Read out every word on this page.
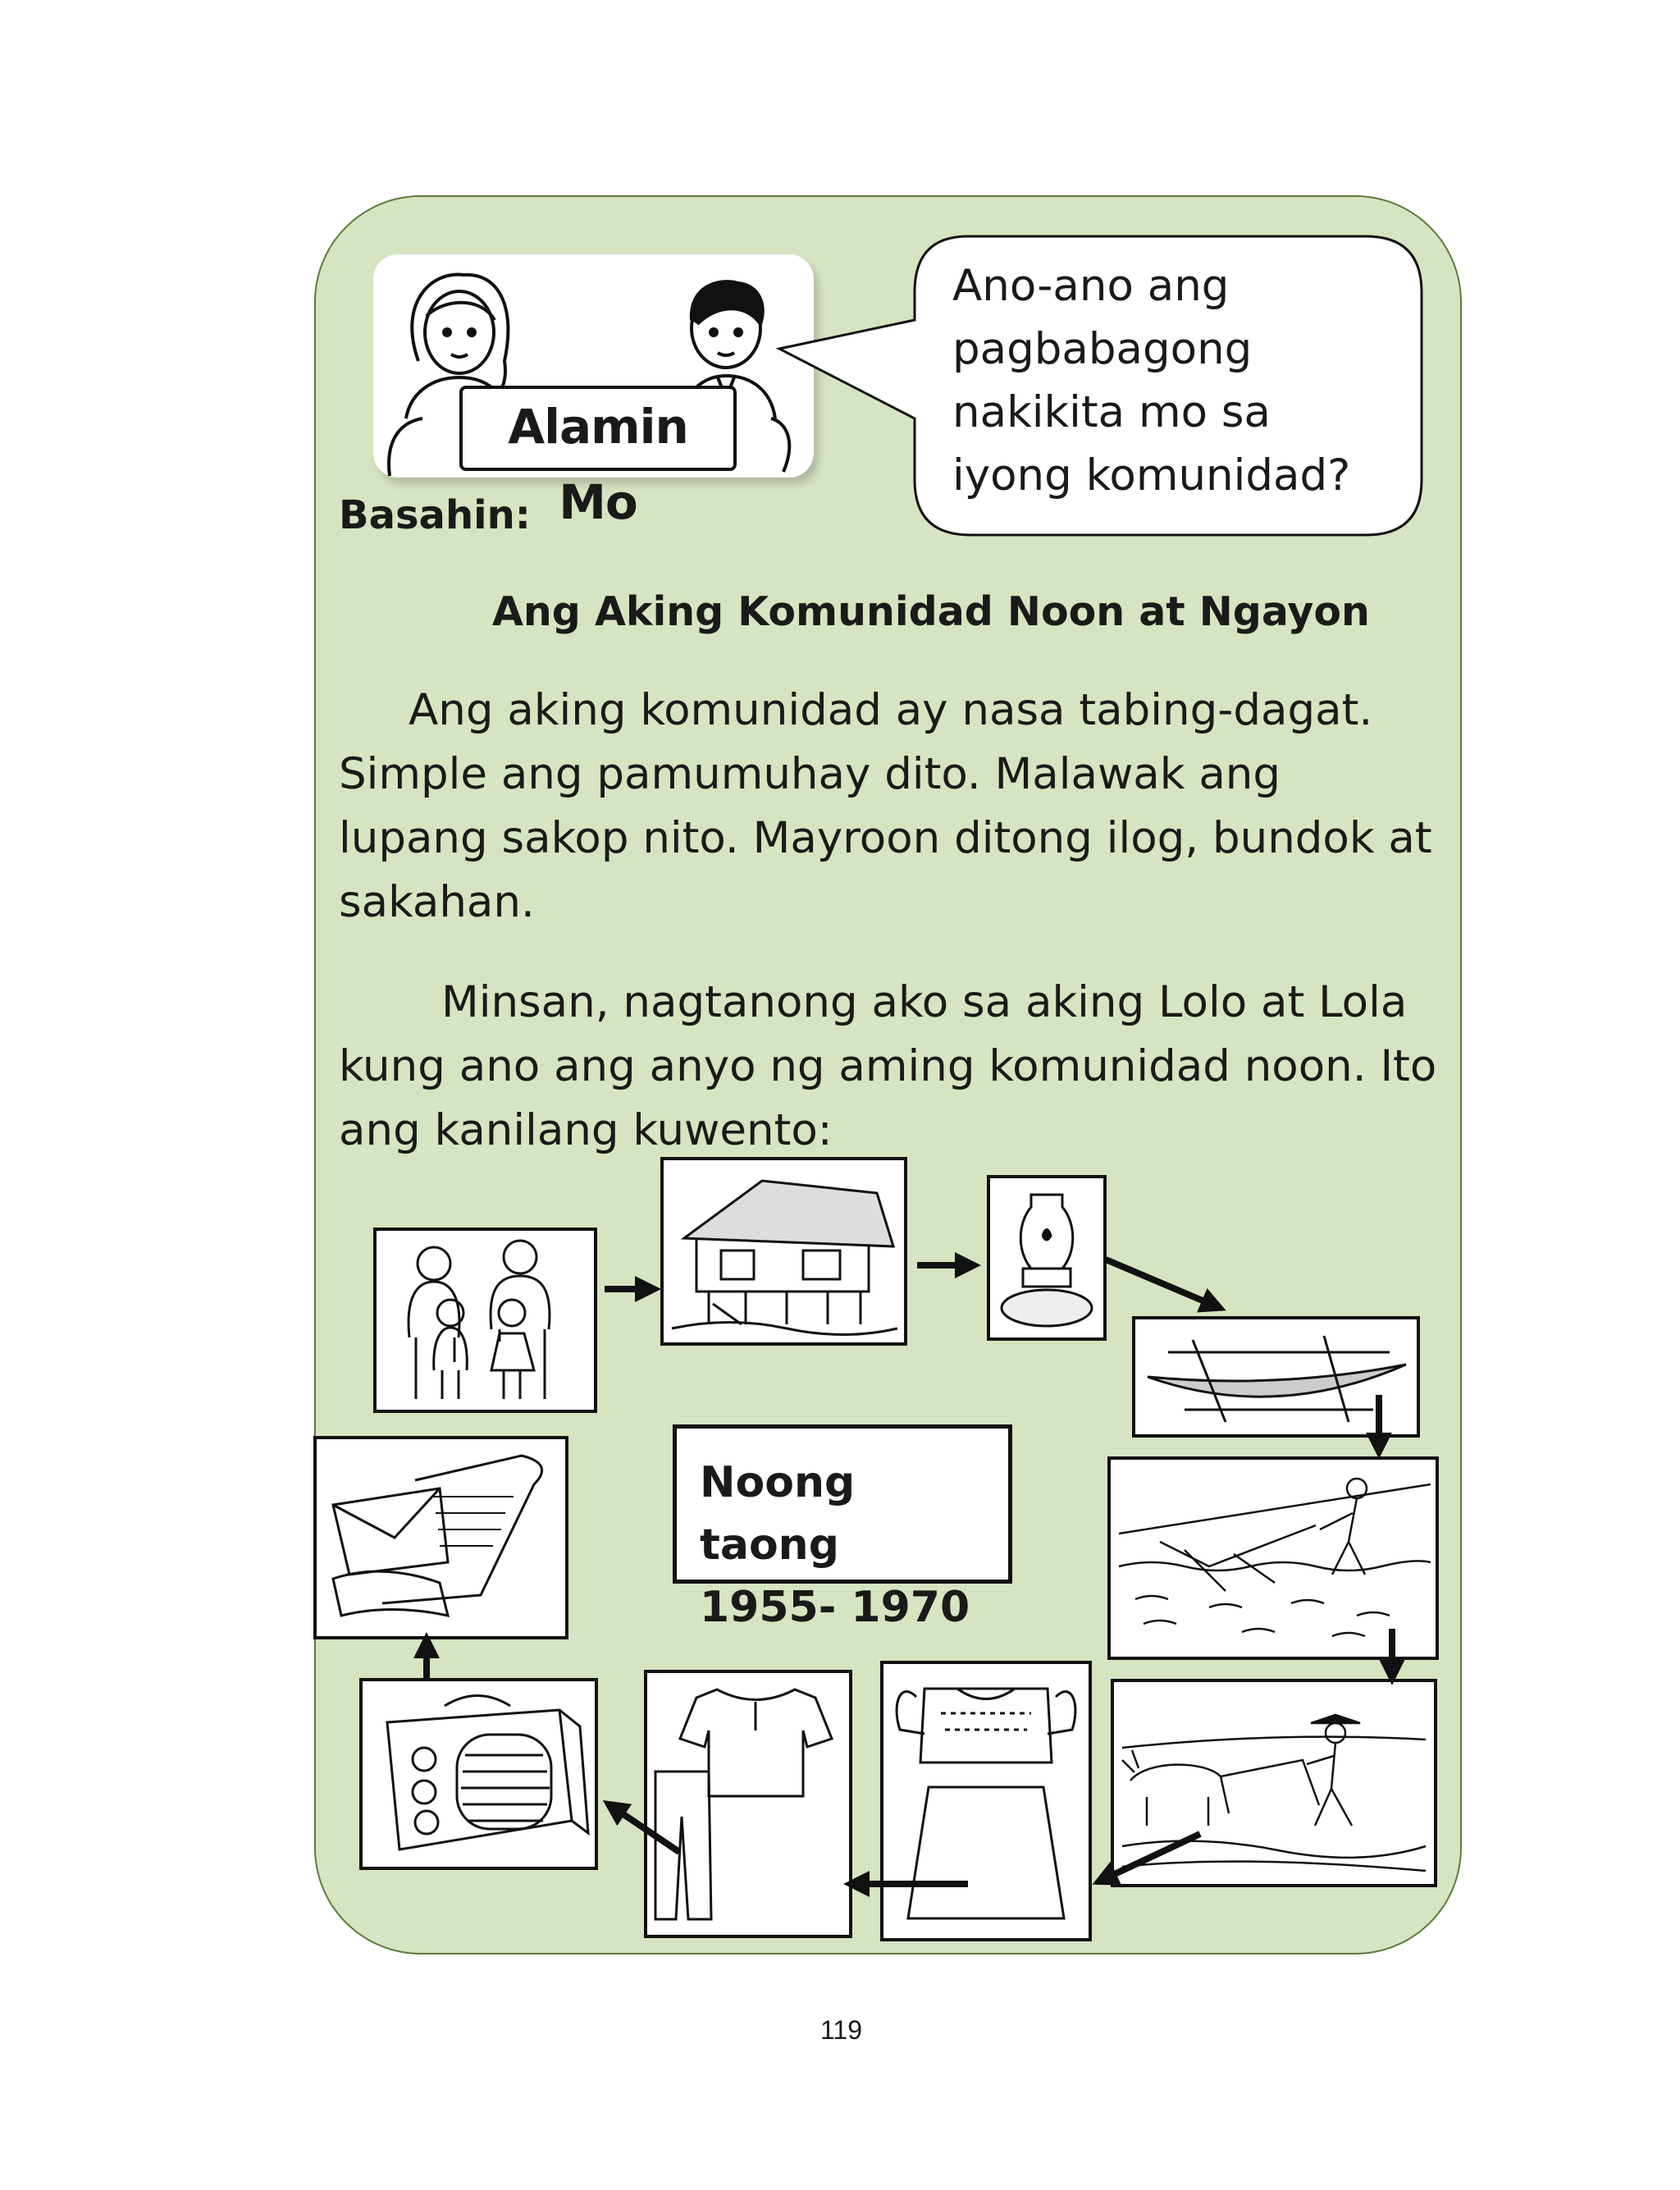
Alamin Mo
Ano-ano ang
pagbabagong
nakikita mo sa
iyong komunidad?
Basahin:
Ang Aking Komunidad Noon at Ngayon

Ang aking komunidad ay nasa tabing-dagat. Simple ang pamumuhay dito. Malawak ang lupang sakop nito. Mayroon ditong ilog, bundok at sakahan.

Minsan, nagtanong ako sa aking Lolo at Lola kung ano ang anyo ng aming komunidad noon. Ito ang kanilang kuwento:

Noong taong
1955- 1970
119
